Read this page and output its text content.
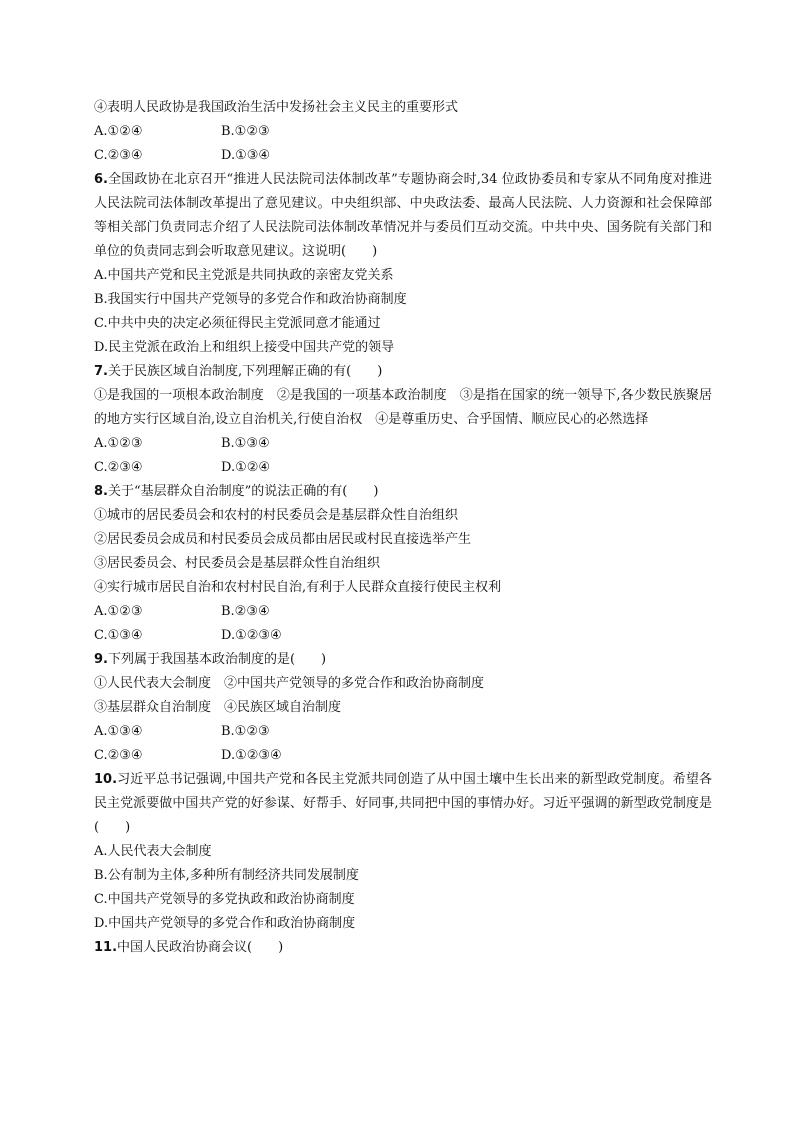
④表明人民政协是我国政治生活中发扬社会主义民主的重要形式
A.①②④	B.①②③
C.②③④	D.①③④
6.全国政协在北京召开“推进人民法院司法体制改革”专题协商会时,34 位政协委员和专家从不同角度对推进人民法院司法体制改革提出了意见建议。中央组织部、中央政法委、最高人民法院、人力资源和社会保障部等相关部门负责同志介绍了人民法院司法体制改革情况并与委员们互动交流。中共中央、国务院有关部门和单位的负责同志到会听取意见建议。这说明(　　)
A.中国共产党和民主党派是共同执政的亲密友党关系
B.我国实行中国共产党领导的多党合作和政治协商制度
C.中共中央的决定必须征得民主党派同意才能通过
D.民主党派在政治上和组织上接受中国共产党的领导
7.关于民族区域自治制度,下列理解正确的有(　　)
①是我国的一项根本政治制度　②是我国的一项基本政治制度　③是指在国家的统一领导下,各少数民族聚居的地方实行区域自治,设立自治机关,行使自治权　④是尊重历史、合乎国情、顺应民心的必然选择
A.①②③	B.①③④
C.②③④	D.①②④
8.关于“基层群众自治制度”的说法正确的有(　　)
①城市的居民委员会和农村的村民委员会是基层群众性自治组织
②居民委员会成员和村民委员会成员都由居民或村民直接选举产生
③居民委员会、村民委员会是基层群众性自治组织
④实行城市居民自治和农村村民自治,有利于人民群众直接行使民主权利
A.①②③	B.②③④
C.①③④	D.①②③④
9.下列属于我国基本政治制度的是(　　)
①人民代表大会制度　②中国共产党领导的多党合作和政治协商制度
③基层群众自治制度　④民族区域自治制度
A.①③④	B.①②③
C.②③④	D.①②③④
10.习近平总书记强调,中国共产党和各民主党派共同创造了从中国土壤中生长出来的新型政党制度。希望各民主党派要做中国共产党的好参谋、好帮手、好同事,共同把中国的事情办好。习近平强调的新型政党制度是(　　)
A.人民代表大会制度
B.公有制为主体,多种所有制经济共同发展制度
C.中国共产党领导的多党执政和政治协商制度
D.中国共产党领导的多党合作和政治协商制度
11.中国人民政治协商会议(　　)
